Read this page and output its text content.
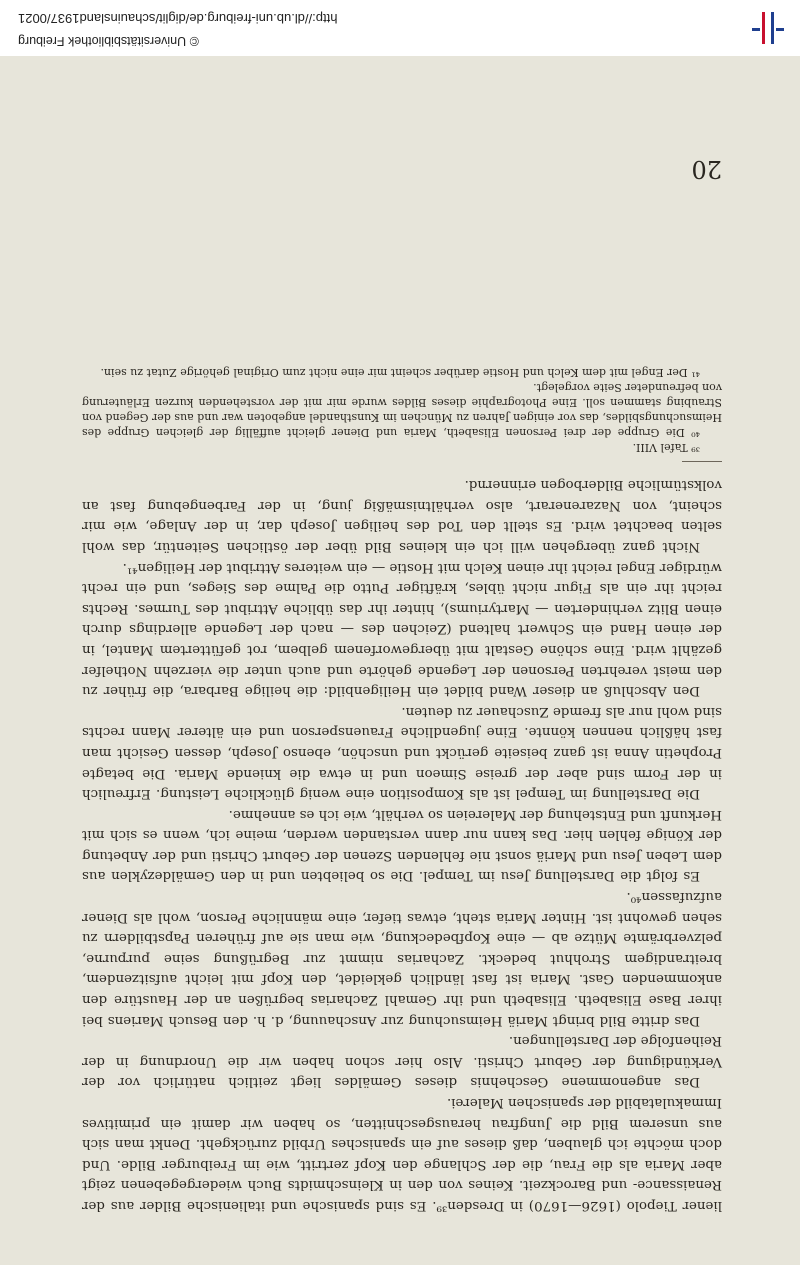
© Universitätsbibliothek Freiburg
http://dl.ub.uni-freiburg.de/diglit/schauinsland1937/0021

liener Tiepolo (1626—1670) in Dresden³⁹. Es sind spanische und italienische Bilder aus der Renaissance- und Barockzeit. Keines von den in Kleinschmidts Buch wiedergegebenen zeigt aber Maria als die Frau, die der Schlange den Kopf zertritt, wie im Freiburger Bilde. Und doch möchte ich glauben, daß dieses auf ein spanisches Urbild zurückgeht. Denkt man sich aus unserem Bild die Jungfrau herausgeschnitten, so haben wir damit ein primitives Immakulatabild der spanischen Malerei.

Das angenommene Geschehnis dieses Gemäldes liegt zeitlich natürlich vor der Verkündigung der Geburt Christi. Also hier schon haben wir die Unordnung in der Reihenfolge der Darstellungen.

Das dritte Bild bringt Mariä Heimsuchung zur Anschauung, d. h. den Besuch Mariens bei ihrer Base Elisabeth. Elisabeth und ihr Gemahl Zacharias begrüßen an der Haustüre den ankommenden Gast. Maria ist fast ländlich gekleidet, den Kopf mit leicht aufsitzendem, breitrandigem Strohhut bedeckt. Zacharias nimmt zur Begrüßung seine purpurne, pelzverbrämte Mütze ab — eine Kopfbedeckung, wie man sie auf früheren Papstbildern zu sehen gewohnt ist. Hinter Maria steht, etwas tiefer, eine männliche Person, wohl als Diener aufzufassen⁴⁰.

Es folgt die Darstellung Jesu im Tempel. Die so beliebten und in den Gemäldezyklen aus dem Leben Jesu und Mariä sonst nie fehlenden Szenen der Geburt Christi und der Anbetung der Könige fehlen hier. Das kann nur dann verstanden werden, meine ich, wenn es sich mit Herkunft und Entstehung der Malereien so verhält, wie ich es annehme.

Die Darstellung im Tempel ist als Komposition eine wenig glückliche Leistung. Erfreulich in der Form sind aber der greise Simeon und in etwa die kniende Maria. Die betagte Prophetin Anna ist ganz beiseite gerückt und unschön, ebenso Joseph, dessen Gesicht man fast häßlich nennen könnte. Eine jugendliche Frauensperson und ein älterer Mann rechts sind wohl nur als fremde Zuschauer zu deuten.

Den Abschluß an dieser Wand bildet ein Heiligenbild: die heilige Barbara, die früher zu den meist verehrten Personen der Legende gehörte und auch unter die vierzehn Nothelfer gezählt wird. Eine schöne Gestalt mit übergeworfenem gelbem, rot gefüttertem Mantel, in der einen Hand ein Schwert haltend (Zeichen des — nach der Legende allerdings durch einen Blitz verhinderten — Martyriums), hinter ihr das übliche Attribut des Turmes. Rechts reicht ihr ein als Figur nicht übles, kräftiger Putto die Palme des Sieges, und ein recht würdiger Engel reicht ihr einen Kelch mit Hostie — ein weiteres Attribut der Heiligen⁴¹.

Nicht ganz übergehen will ich ein kleines Bild über der östlichen Seitentür, das wohl selten beachtet wird. Es stellt den Tod des heiligen Joseph dar, in der Anlage, wie mir scheint, von Nazarenerart, also verhältnismäßig jung, in der Farbengebung fast an volkstümliche Bilderbogen erinnernd.

³⁹ Tafel VIII.

⁴⁰ Die Gruppe der drei Personen Elisabeth, Maria und Diener gleicht auffällig der gleichen Gruppe des Heimsuchungsbildes, das vor einigen Jahren zu München im Kunsthandel angeboten war und aus der Gegend von Straubing stammen soll. Eine Photographie dieses Bildes wurde mir mit der vorstehenden kurzen Erläuterung von befreundeter Seite vorgelegt.

⁴¹ Der Engel mit dem Kelch und Hostie darüber scheint mir eine nicht zum Original gehörige Zutat zu sein.

20
